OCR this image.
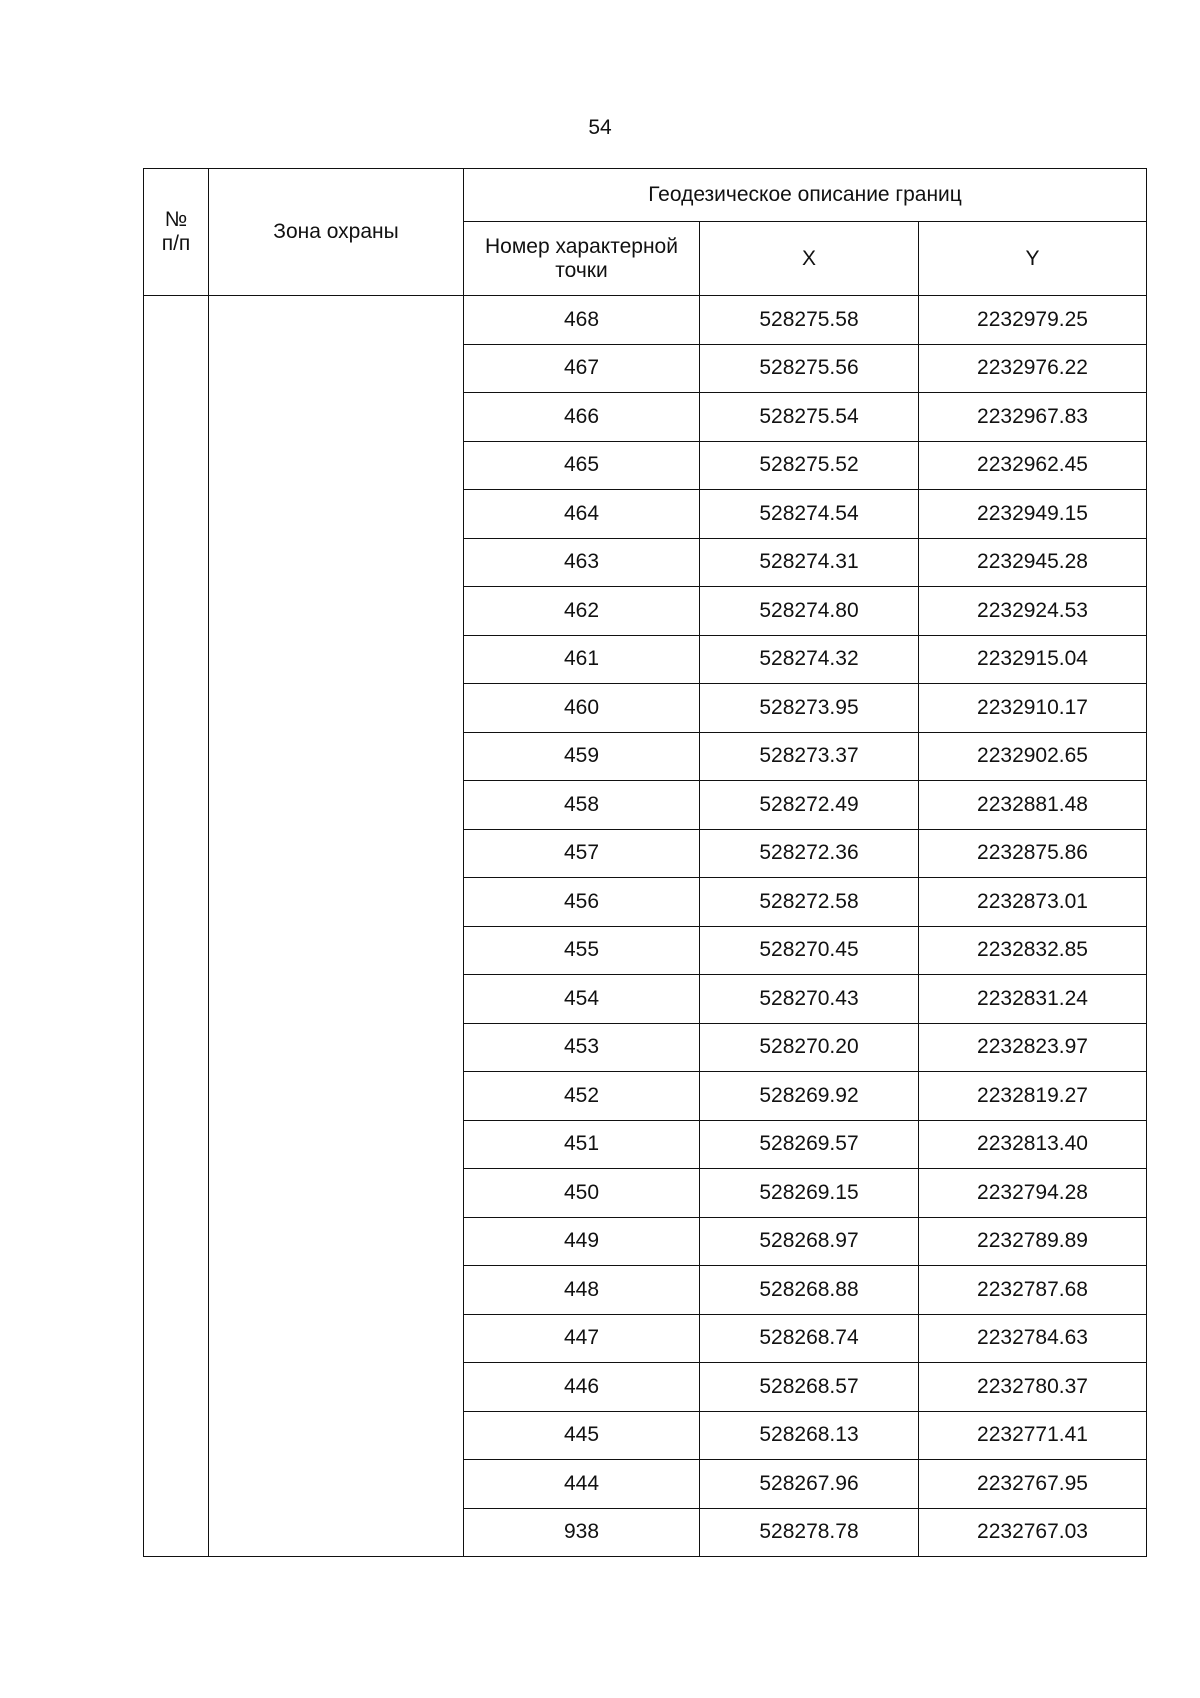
54
№
п/п	Зона охраны	Геодезическое описание границ		
		Номер характерной точки	X	Y
		468	528275.58	2232979.25
		467	528275.56	2232976.22
		466	528275.54	2232967.83
		465	528275.52	2232962.45
		464	528274.54	2232949.15
		463	528274.31	2232945.28
		462	528274.80	2232924.53
		461	528274.32	2232915.04
		460	528273.95	2232910.17
		459	528273.37	2232902.65
		458	528272.49	2232881.48
		457	528272.36	2232875.86
		456	528272.58	2232873.01
		455	528270.45	2232832.85
		454	528270.43	2232831.24
		453	528270.20	2232823.97
		452	528269.92	2232819.27
		451	528269.57	2232813.40
		450	528269.15	2232794.28
		449	528268.97	2232789.89
		448	528268.88	2232787.68
		447	528268.74	2232784.63
		446	528268.57	2232780.37
		445	528268.13	2232771.41
		444	528267.96	2232767.95
		938	528278.78	2232767.03
